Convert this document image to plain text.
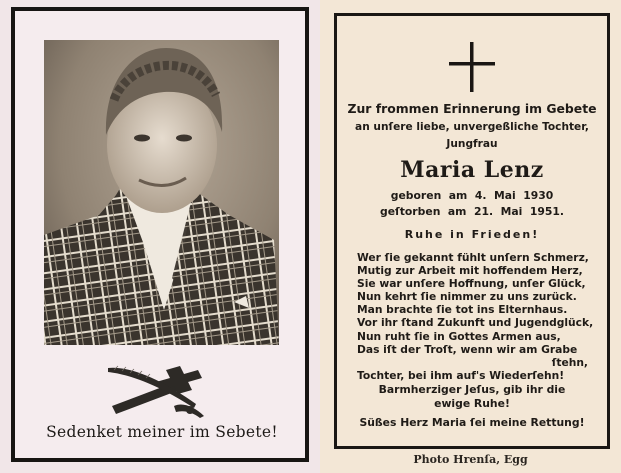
Sedenket meiner im Sebete!
Zur frommen Erinnerung im Gebete
an unſere liebe, unvergeßliche Tochter,
Jungfrau
Maria Lenz
geboren  am  4.  Mai  1930
geſtorben  am  21.  Mai  1951.
Ruhe in Frieden!
Wer ſie gekannt fühlt unſern Schmerz,
Mutig zur Arbeit mit hoffendem Herz,
Sie war unſere Hoffnung, unſer Glück,
Nun kehrt ſie nimmer zu uns zurück.
Man brachte ſie tot ins Elternhaus.
Vor ihr ſtand Zukunft und Jugendglück,
Nun ruht ſie in Gottes Armen aus,
Das iſt der Troſt, wenn wir am Grabe
ſtehn,
Tochter, bei ihm auf's Wiederſehn!
Barmherziger Jeſus, gib ihr die
ewige Ruhe!
Süßes Herz Maria ſei meine Rettung!
Photo Hrenſa, Egg
